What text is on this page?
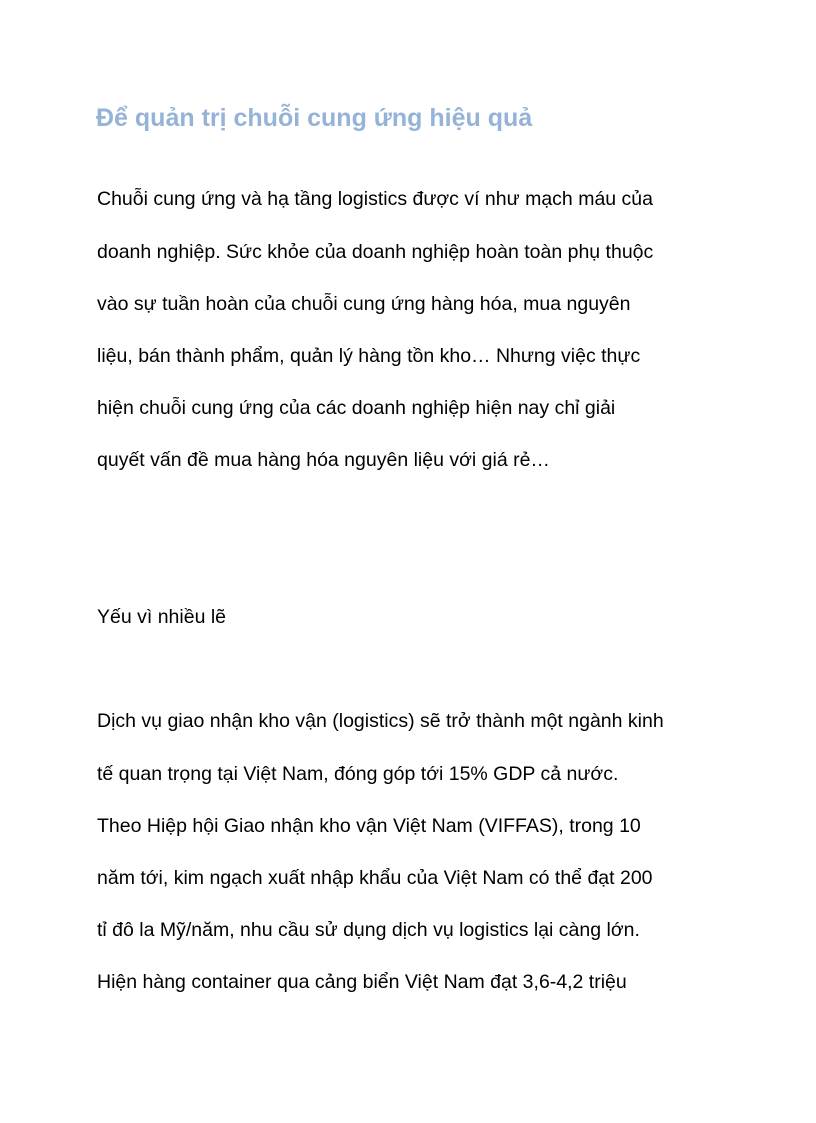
Để quản trị chuỗi cung ứng hiệu quả

Chuỗi cung ứng và hạ tầng logistics được ví như mạch máu của

doanh nghiệp. Sức khỏe của doanh nghiệp hoàn toàn phụ thuộc

vào sự tuần hoàn của chuỗi cung ứng hàng hóa, mua nguyên

liệu, bán thành phẩm, quản lý hàng tồn kho… Nhưng việc thực

hiện chuỗi cung ứng của các doanh nghiệp hiện nay chỉ giải

quyết vấn đề mua hàng hóa nguyên liệu với giá rẻ…

Yếu vì nhiều lẽ

Dịch vụ giao nhận kho vận (logistics) sẽ trở thành một ngành kinh

tế quan trọng tại Việt Nam, đóng góp tới 15% GDP cả nước.

Theo Hiệp hội Giao nhận kho vận Việt Nam (VIFFAS), trong 10

năm tới, kim ngạch xuất nhập khẩu của Việt Nam có thể đạt 200

tỉ đô la Mỹ/năm, nhu cầu sử dụng dịch vụ logistics lại càng lớn.

Hiện hàng container qua cảng biển Việt Nam đạt 3,6-4,2 triệu
